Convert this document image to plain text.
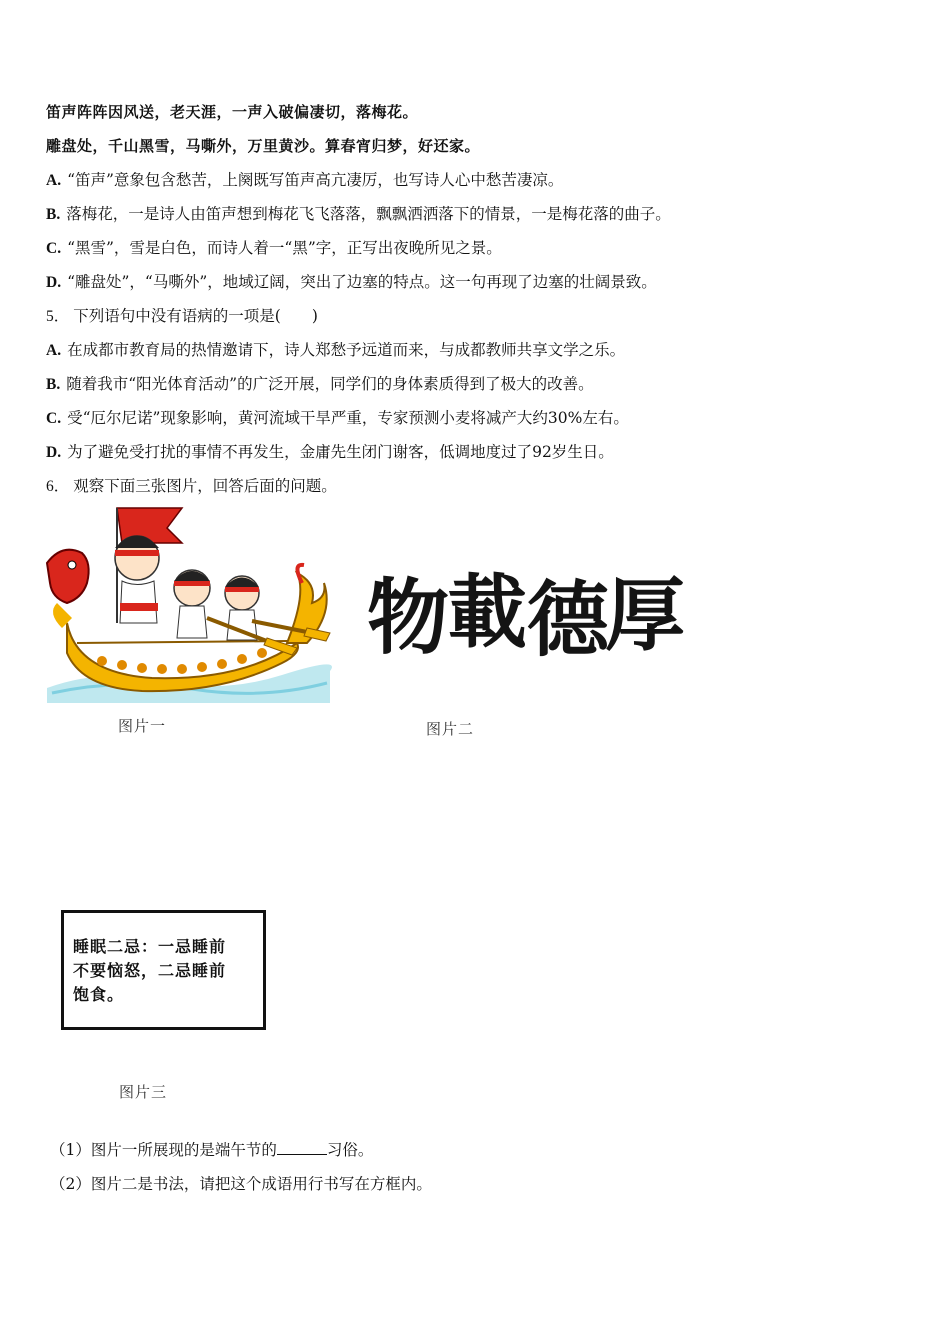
笛声阵阵因风送，老天涯，一声入破偏凄切，落梅花。
雕盘处，千山黑雪，马嘶外，万里黄沙。算春宵归梦，好还家。
A. “笛声”意象包含愁苦，上阕既写笛声高亢凄厉，也写诗人心中愁苦凄凉。
B. 落梅花，一是诗人由笛声想到梅花飞飞落落，飘飘洒洒落下的情景，一是梅花落的曲子。
C. “黑雪”，雪是白色，而诗人着一“黑”字，正写出夜晚所见之景。
D. “雕盘处”，“马嘶外”，地域辽阔，突出了边塞的特点。这一句再现了边塞的壮阔景致。
5． 下列语句中没有语病的一项是(　　)
A. 在成都市教育局的热情邀请下，诗人郑愁予远道而来，与成都教师共享文学之乐。
B. 随着我市“阳光体育活动”的广泛开展，同学们的身体素质得到了极大的改善。
C. 受“厄尔尼诺”现象影响，黄河流域干旱严重，专家预测小麦将减产大约30%左右。
D. 为了避免受打扰的事情不再发生，金庸先生闭门谢客，低调地度过了92岁生日。
6． 观察下面三张图片，回答后面的问题。
图片一
物
載 德
厚
图片二
睡眠二忌：一忌睡前
不要恼怒，二忌睡前
饱食。
图片三
（1）图片一所展现的是端午节的	习俗。
（2）图片二是书法，请把这个成语用行书写在方框内。
